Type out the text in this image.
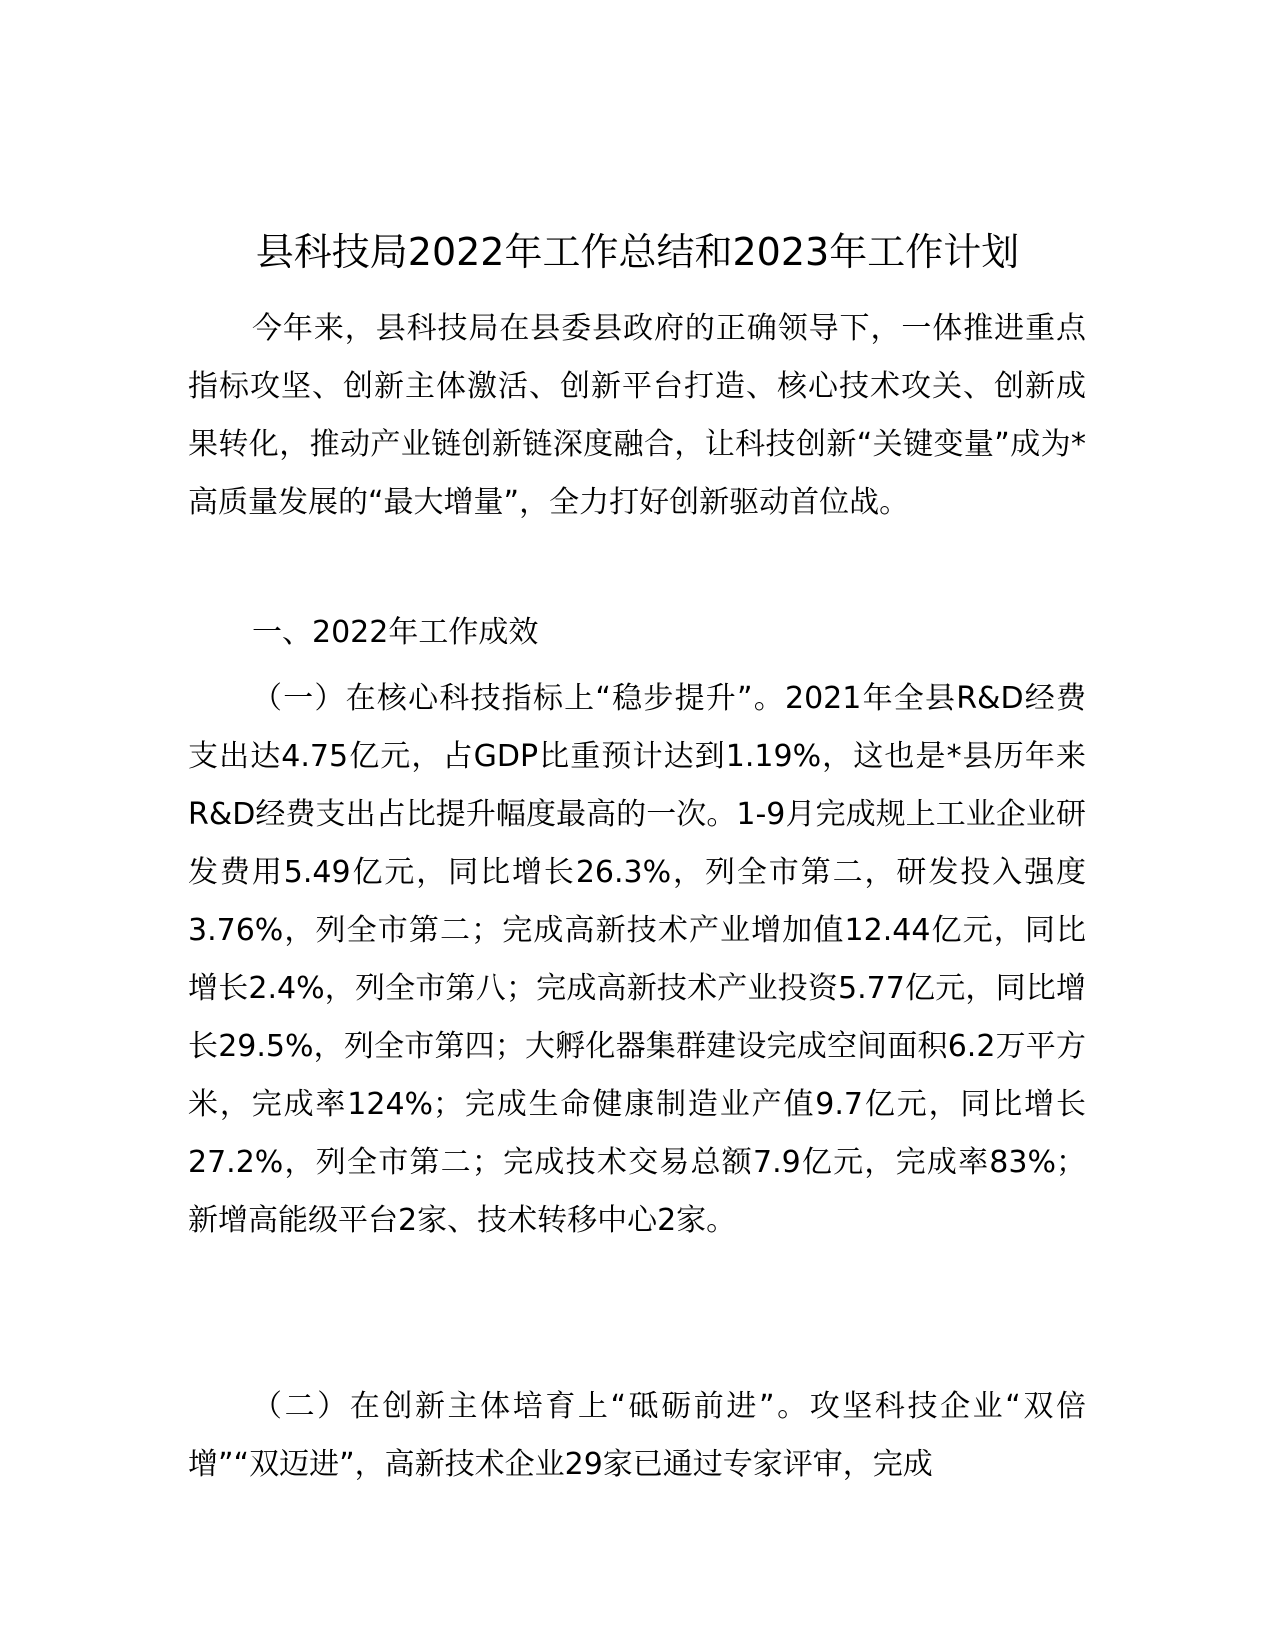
县科技局2022年工作总结和2023年工作计划

今年来，县科技局在县委县政府的正确领导下，一体推进重点指标攻坚、创新主体激活、创新平台打造、核心技术攻关、创新成果转化，推动产业链创新链深度融合，让科技创新“关键变量”成为*高质量发展的“最大增量”，全力打好创新驱动首位战。

一、2022年工作成效

（一）在核心科技指标上“稳步提升”。2021年全县R&D经费支出达4.75亿元，占GDP比重预计达到1.19%，这也是*县历年来R&D经费支出占比提升幅度最高的一次。1-9月完成规上工业企业研发费用5.49亿元，同比增长26.3%，列全市第二，研发投入强度3.76%，列全市第二；完成高新技术产业增加值12.44亿元，同比增长2.4%，列全市第八；完成高新技术产业投资5.77亿元，同比增长29.5%，列全市第四；大孵化器集群建设完成空间面积6.2万平方米，完成率124%；完成生命健康制造业产值9.7亿元，同比增长27.2%，列全市第二；完成技术交易总额7.9亿元，完成率83%；新增高能级平台2家、技术转移中心2家。

（二）在创新主体培育上“砥砺前进”。攻坚科技企业“双倍增”“双迈进”，高新技术企业29家已通过专家评审，完成
